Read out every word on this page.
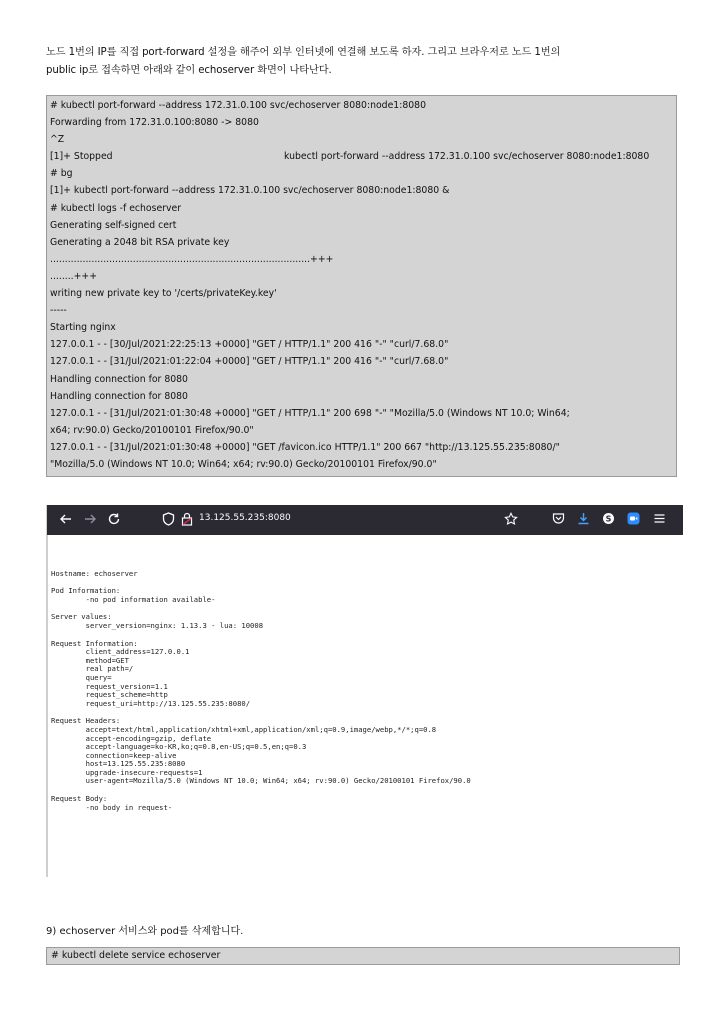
노드 1번의 IP를 직접 port-forward 설정을 해주어 외부 인터넷에 연결해 보도록 하자. 그리고 브라우저로 노드 1번의
public ip로 접속하면 아래와 같이 echoserver 화면이 나타난다.
# kubectl port-forward --address 172.31.0.100 svc/echoserver 8080:node1:8080
Forwarding from 172.31.0.100:8080 -> 8080
^Z
[1]+ Stopped	kubectl port-forward --address 172.31.0.100 svc/echoserver 8080:node1:8080
# bg
[1]+ kubectl port-forward --address 172.31.0.100 svc/echoserver 8080:node1:8080 &
# kubectl logs -f echoserver
Generating self-signed cert
Generating a 2048 bit RSA private key
........................................................................................+++
........+++
writing new private key to '/certs/privateKey.key'
-----
Starting nginx
127.0.0.1 - - [30/Jul/2021:22:25:13 +0000] "GET / HTTP/1.1" 200 416 "-" "curl/7.68.0"
127.0.0.1 - - [31/Jul/2021:01:22:04 +0000] "GET / HTTP/1.1" 200 416 "-" "curl/7.68.0"
Handling connection for 8080
Handling connection for 8080
127.0.0.1 - - [31/Jul/2021:01:30:48 +0000] "GET / HTTP/1.1" 200 698 "-" "Mozilla/5.0 (Windows NT 10.0; Win64;
x64; rv:90.0) Gecko/20100101 Firefox/90.0"
127.0.0.1 - - [31/Jul/2021:01:30:48 +0000] "GET /favicon.ico HTTP/1.1" 200 667 "http://13.125.55.235:8080/"
"Mozilla/5.0 (Windows NT 10.0; Win64; x64; rv:90.0) Gecko/20100101 Firefox/90.0"
13.125.55.235:8080	S

Hostname: echoserver
Pod Information:
-no pod information available-
Server values:
server_version=nginx: 1.13.3 - lua: 10008
Request Information:
client_address=127.0.0.1
method=GET
real path=/
query=
request_version=1.1
request_scheme=http
request_uri=http://13.125.55.235:8080/
Request Headers:
accept=text/html,application/xhtml+xml,application/xml;q=0.9,image/webp,*/*;q=0.8
accept-encoding=gzip, deflate
accept-language=ko-KR,ko;q=0.8,en-US;q=0.5,en;q=0.3
connection=keep-alive
host=13.125.55.235:8080
upgrade-insecure-requests=1
user-agent=Mozilla/5.0 (Windows NT 10.0; Win64; x64; rv:90.0) Gecko/20100101 Firefox/90.0
Request Body:
-no body in request-

9) echoserver 서비스와 pod를 삭제합니다.
# kubectl delete service echoserver
